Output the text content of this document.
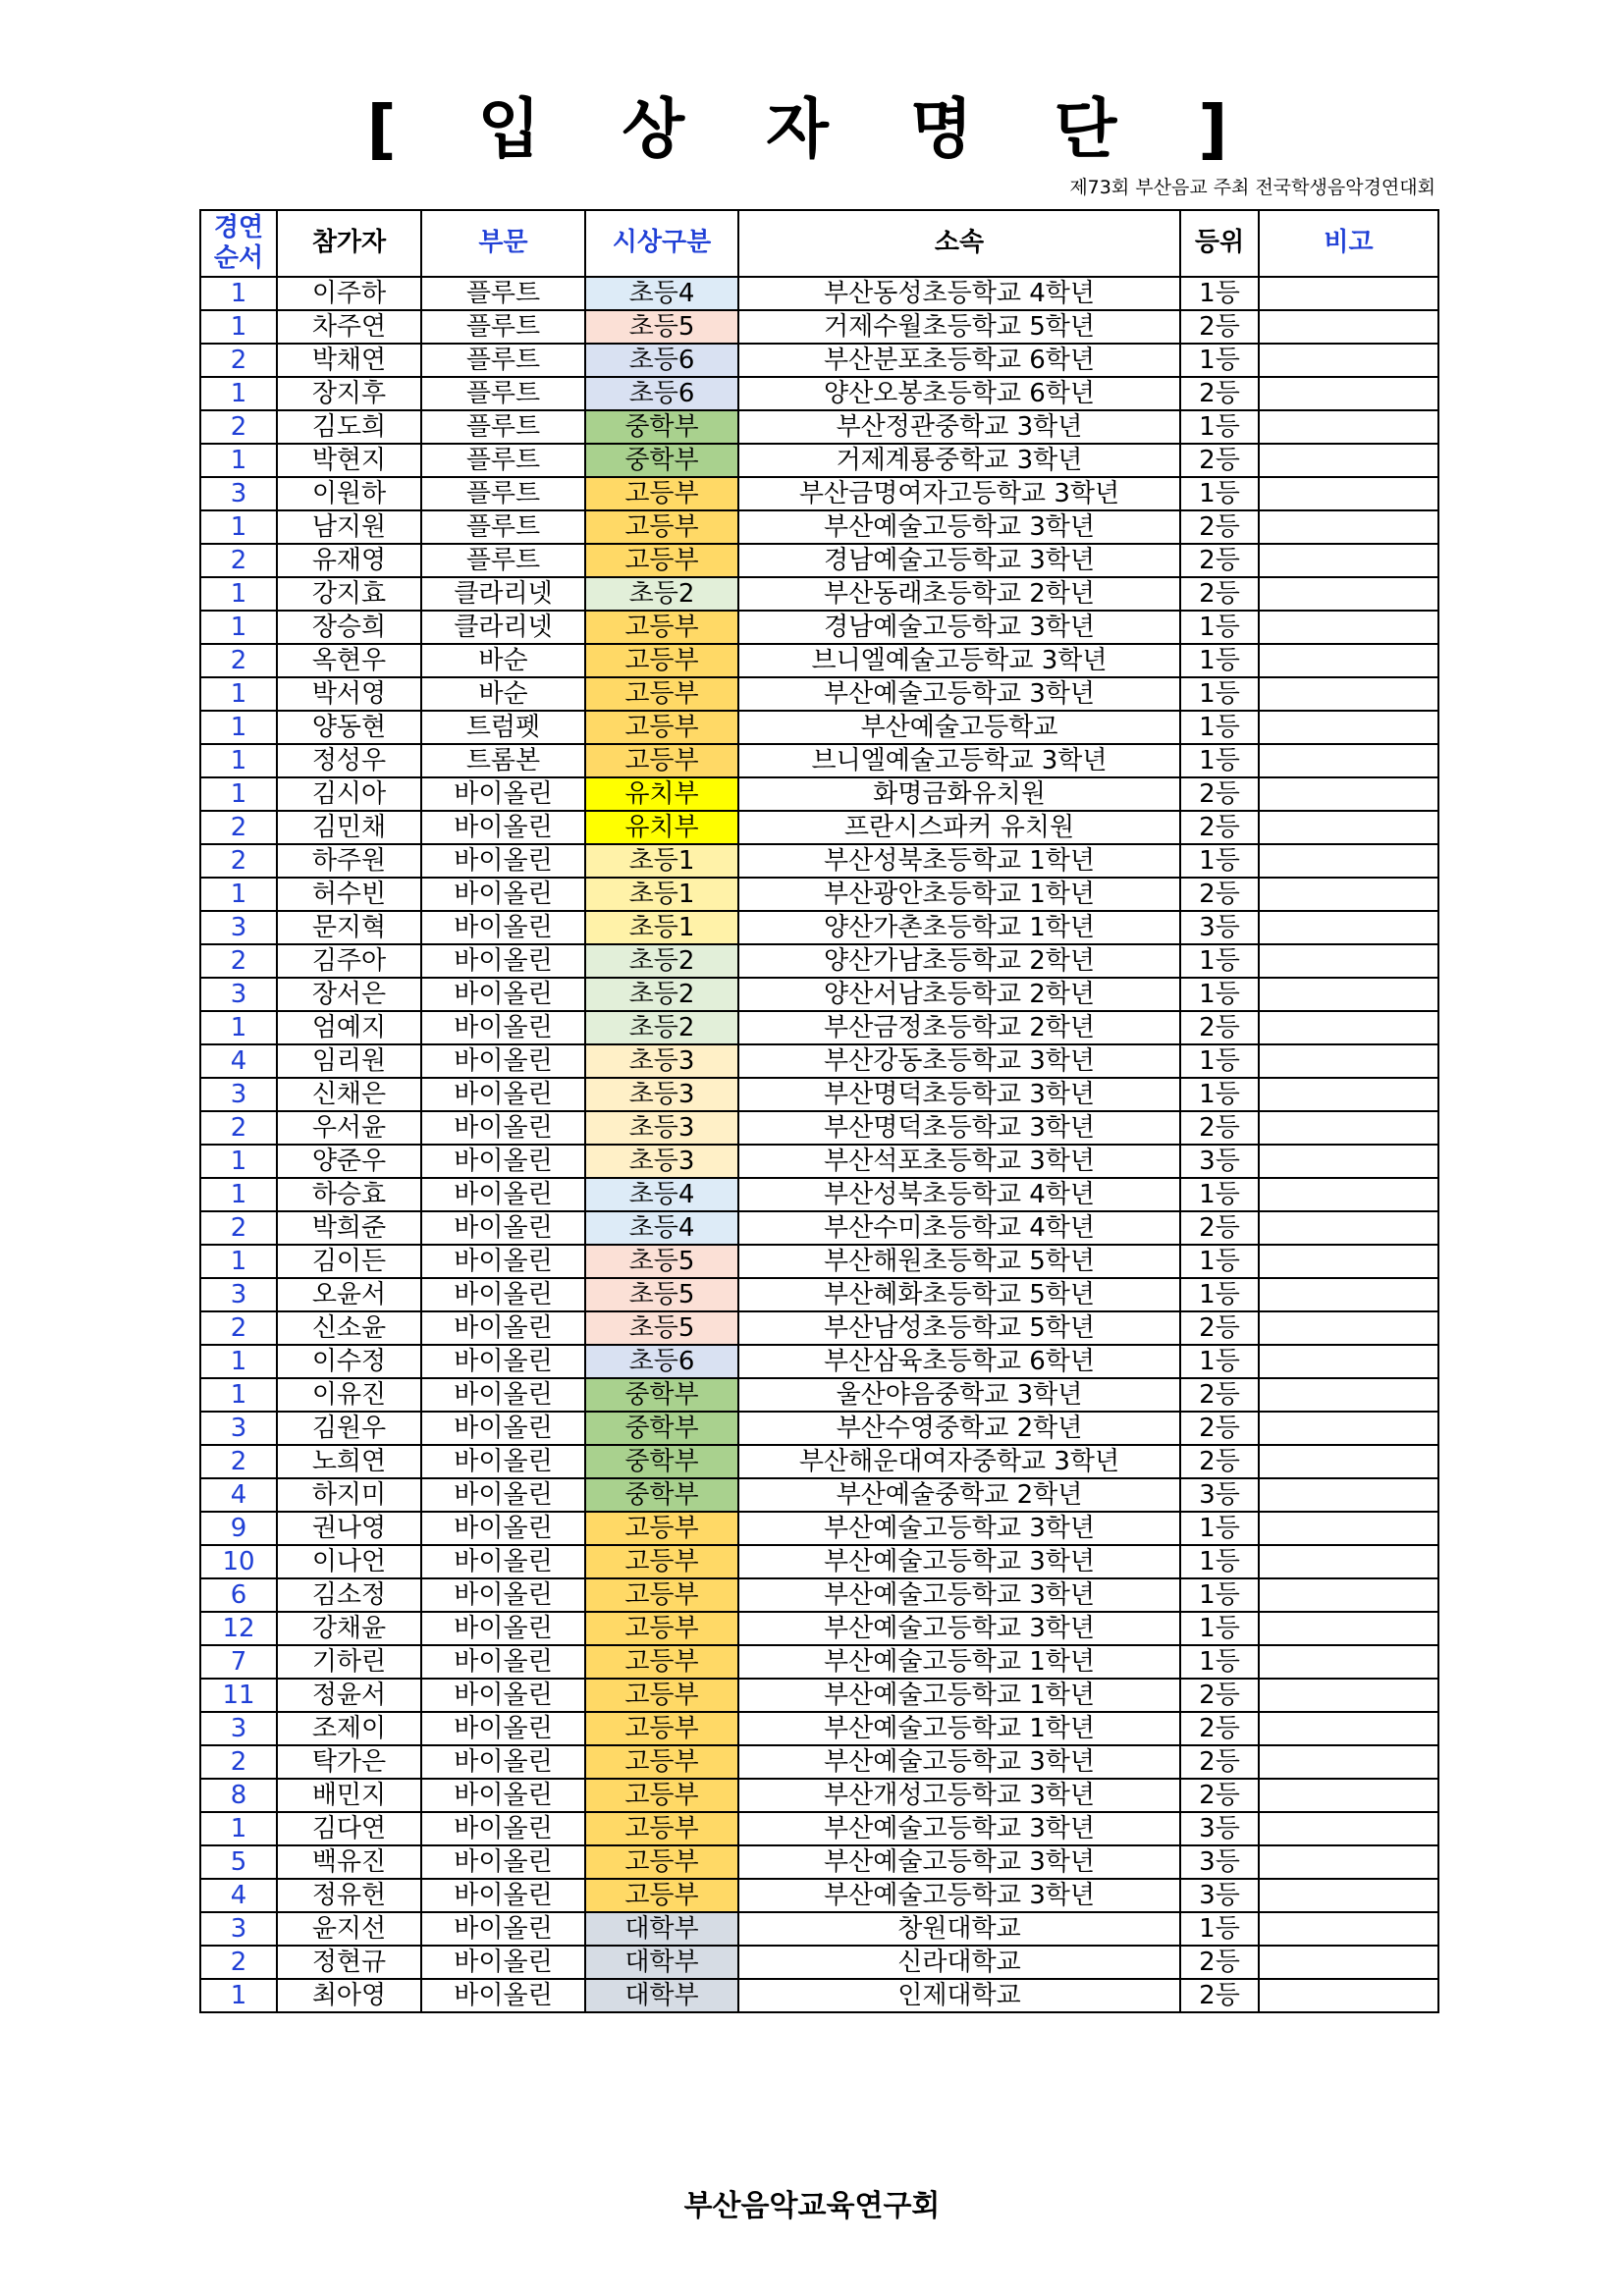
[ 입 상 자 명 단 ]
제73회 부산음교 주최 전국학생음악경연대회
경연
순서	참가자	부문	시상구분	소속	등위	비고
1	이주하	플루트	초등4	부산동성초등학교 4학년	1등	
1	차주연	플루트	초등5	거제수월초등학교 5학년	2등	
2	박채연	플루트	초등6	부산분포초등학교 6학년	1등	
1	장지후	플루트	초등6	양산오봉초등학교 6학년	2등	
2	김도희	플루트	중학부	부산정관중학교 3학년	1등	
1	박현지	플루트	중학부	거제계룡중학교 3학년	2등	
3	이원하	플루트	고등부	부산금명여자고등학교 3학년	1등	
1	남지원	플루트	고등부	부산예술고등학교 3학년	2등	
2	유재영	플루트	고등부	경남예술고등학교 3학년	2등	
1	강지효	클라리넷	초등2	부산동래초등학교 2학년	2등	
1	장승희	클라리넷	고등부	경남예술고등학교 3학년	1등	
2	옥현우	바순	고등부	브니엘예술고등학교 3학년	1등	
1	박서영	바순	고등부	부산예술고등학교 3학년	1등	
1	양동현	트럼펫	고등부	부산예술고등학교	1등	
1	정성우	트롬본	고등부	브니엘예술고등학교 3학년	1등	
1	김시아	바이올린	유치부	화명금화유치원	2등	
2	김민채	바이올린	유치부	프란시스파커 유치원	2등	
2	하주원	바이올린	초등1	부산성북초등학교 1학년	1등	
1	허수빈	바이올린	초등1	부산광안초등학교 1학년	2등	
3	문지혁	바이올린	초등1	양산가촌초등학교 1학년	3등	
2	김주아	바이올린	초등2	양산가남초등학교 2학년	1등	
3	장서은	바이올린	초등2	양산서남초등학교 2학년	1등	
1	엄예지	바이올린	초등2	부산금정초등학교 2학년	2등	
4	임리원	바이올린	초등3	부산강동초등학교 3학년	1등	
3	신채은	바이올린	초등3	부산명덕초등학교 3학년	1등	
2	우서윤	바이올린	초등3	부산명덕초등학교 3학년	2등	
1	양준우	바이올린	초등3	부산석포초등학교 3학년	3등	
1	하승효	바이올린	초등4	부산성북초등학교 4학년	1등	
2	박희준	바이올린	초등4	부산수미초등학교 4학년	2등	
1	김이든	바이올린	초등5	부산해원초등학교 5학년	1등	
3	오윤서	바이올린	초등5	부산혜화초등학교 5학년	1등	
2	신소윤	바이올린	초등5	부산남성초등학교 5학년	2등	
1	이수정	바이올린	초등6	부산삼육초등학교 6학년	1등	
1	이유진	바이올린	중학부	울산야음중학교 3학년	2등	
3	김원우	바이올린	중학부	부산수영중학교 2학년	2등	
2	노희연	바이올린	중학부	부산해운대여자중학교 3학년	2등	
4	하지미	바이올린	중학부	부산예술중학교 2학년	3등	
9	권나영	바이올린	고등부	부산예술고등학교 3학년	1등	
10	이나언	바이올린	고등부	부산예술고등학교 3학년	1등	
6	김소정	바이올린	고등부	부산예술고등학교 3학년	1등	
12	강채윤	바이올린	고등부	부산예술고등학교 3학년	1등	
7	기하린	바이올린	고등부	부산예술고등학교 1학년	1등	
11	정윤서	바이올린	고등부	부산예술고등학교 1학년	2등	
3	조제이	바이올린	고등부	부산예술고등학교 1학년	2등	
2	탁가은	바이올린	고등부	부산예술고등학교 3학년	2등	
8	배민지	바이올린	고등부	부산개성고등학교 3학년	2등	
1	김다연	바이올린	고등부	부산예술고등학교 3학년	3등	
5	백유진	바이올린	고등부	부산예술고등학교 3학년	3등	
4	정유헌	바이올린	고등부	부산예술고등학교 3학년	3등	
3	윤지선	바이올린	대학부	창원대학교	1등	
2	정현규	바이올린	대학부	신라대학교	2등	
1	최아영	바이올린	대학부	인제대학교	2등	
부산음악교육연구회
